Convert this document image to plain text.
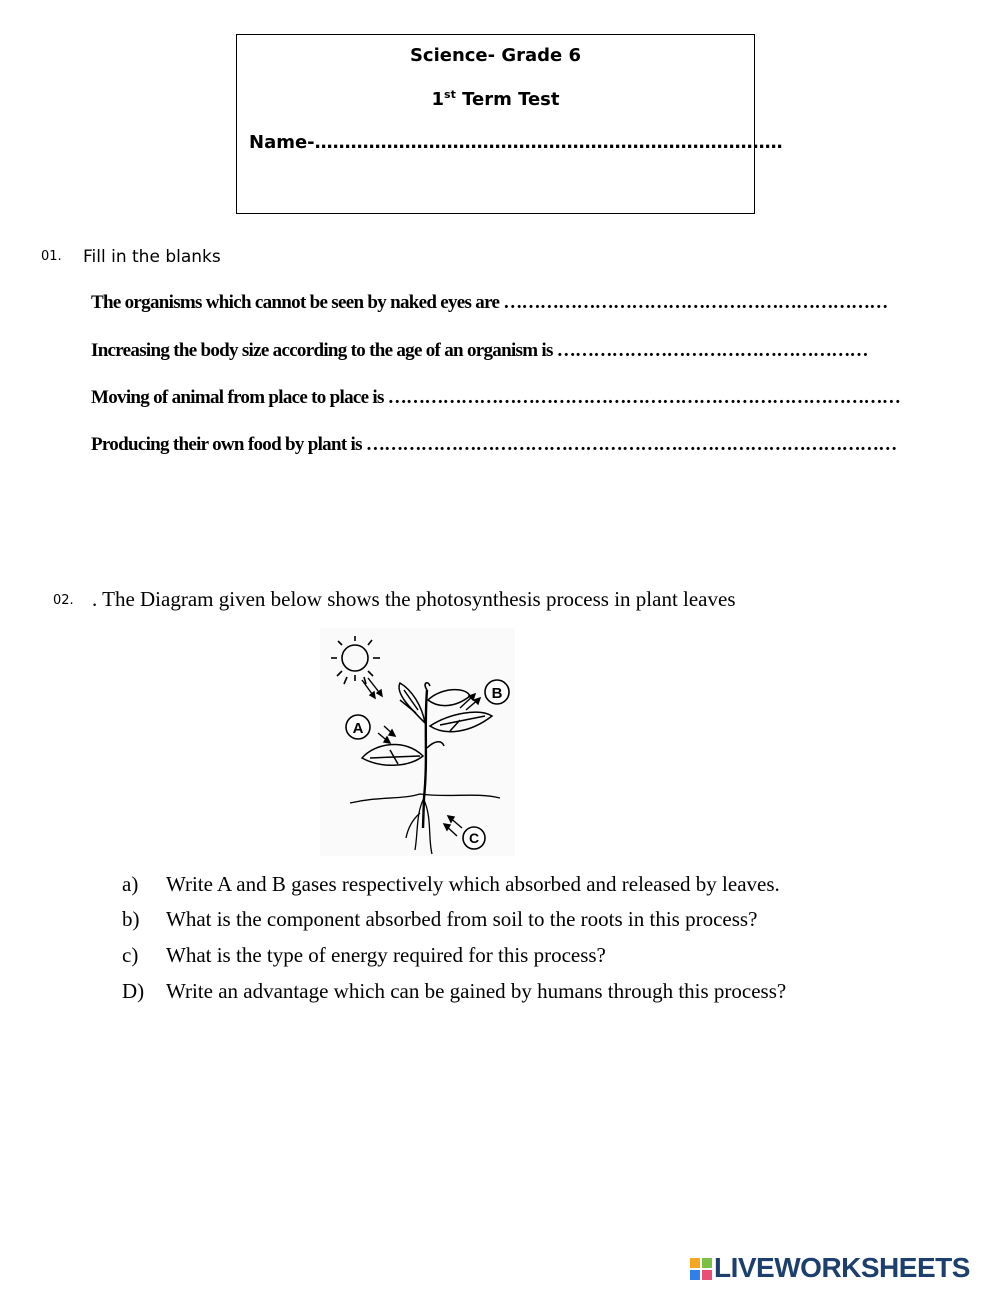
Science- Grade 6
1st Term Test
Name-……………………………………………………………………
01. Fill in the blanks
The organisms which cannot be seen by naked eyes are ………………………………………………………
Increasing the body size according to the age of an organism is ……………………………………………
Moving of animal from place to place is …………………………………………………………………………
Producing their own food by plant is ……………………………………………………………………………
02. . The Diagram given below shows the photosynthesis process in plant leaves
A
B
C
a) Write A and B gases respectively which absorbed and released by leaves.
b) What is the component absorbed from soil to the roots in this process?
c) What is the type of energy required for this process?
D) Write an advantage which can be gained by humans through this process?
LIVEWORKSHEETS
